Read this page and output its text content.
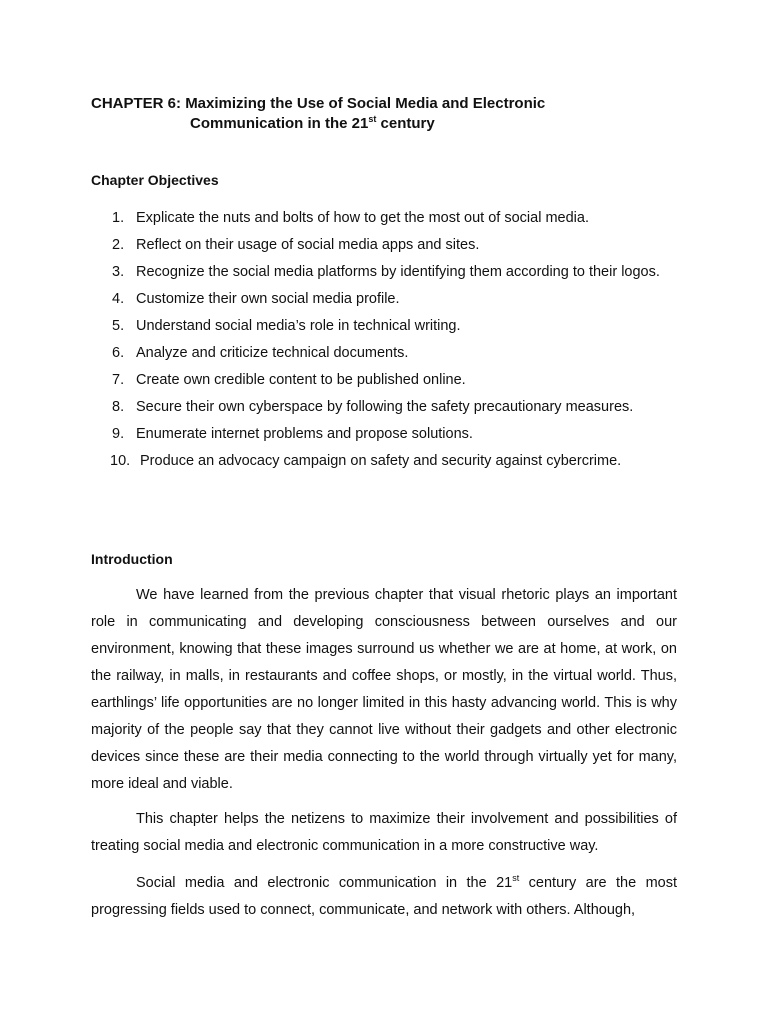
CHAPTER 6: Maximizing the Use of Social Media and Electronic
Communication in the 21st century
Chapter Objectives
1. Explicate the nuts and bolts of how to get the most out of social media.
2. Reflect on their usage of social media apps and sites.
3. Recognize the social media platforms by identifying them according to their logos.
4. Customize their own social media profile.
5. Understand social media’s role in technical writing.
6. Analyze and criticize technical documents.
7. Create own credible content to be published online.
8. Secure their own cyberspace by following the safety precautionary measures.
9. Enumerate internet problems and propose solutions.
10. Produce an advocacy campaign on safety and security against cybercrime.
Introduction

We have learned from the previous chapter that visual rhetoric plays an important role in communicating and developing consciousness between ourselves and our environment, knowing that these images surround us whether we are at home, at work, on the railway, in malls, in restaurants and coffee shops, or mostly, in the virtual world. Thus, earthlings’ life opportunities are no longer limited in this hasty advancing world. This is why majority of the people say that they cannot live without their gadgets and other electronic devices since these are their media connecting to the world through virtually yet for many, more ideal and viable.

This chapter helps the netizens to maximize their involvement and possibilities of treating social media and electronic communication in a more constructive way.

Social media and electronic communication in the 21st century are the most progressing fields used to connect, communicate, and network with others. Although,
